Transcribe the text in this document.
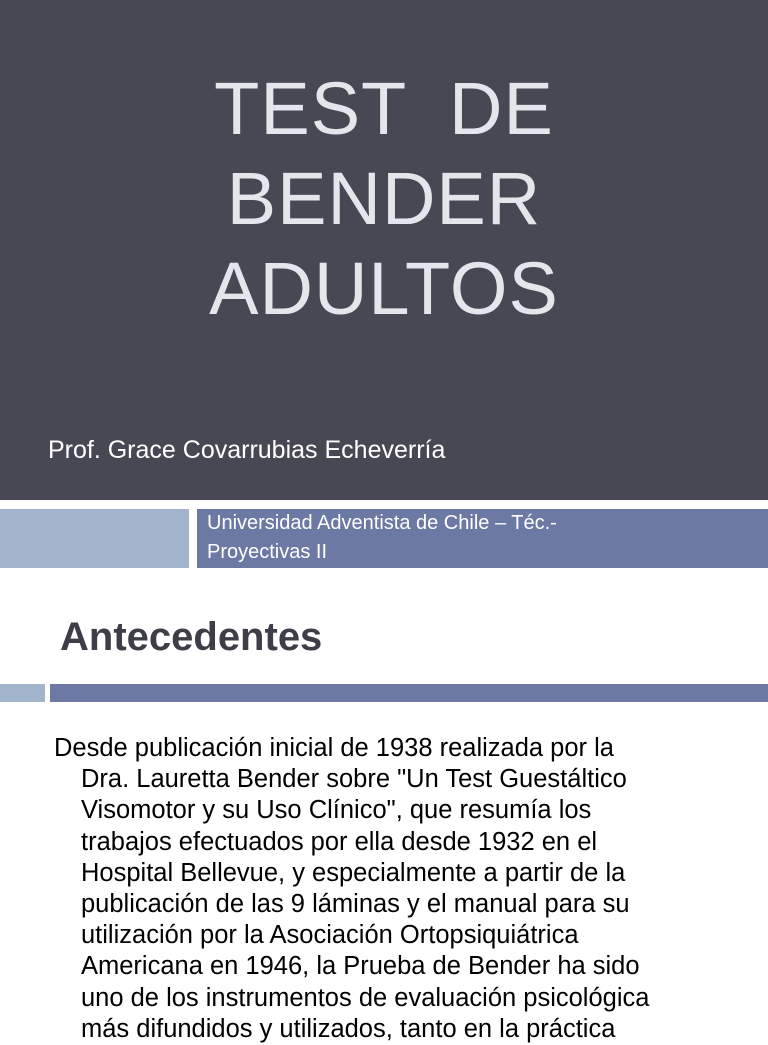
TEST  DE
BENDER
ADULTOS
Prof. Grace Covarrubias Echeverría
Universidad Adventista de Chile – Téc.-
Proyectivas II
Antecedentes
Desde publicación inicial de 1938 realizada por la
Dra. Lauretta Bender sobre "Un Test Guestáltico
Visomotor y su Uso Clínico", que resumía los
trabajos efectuados por ella desde 1932 en el
Hospital Bellevue, y especialmente a partir de la
publicación de las 9 láminas y el manual para su
utilización por la Asociación Ortopsiquiátrica
Americana en 1946, la Prueba de Bender ha sido
uno de los instrumentos de evaluación psicológica
más difundidos y utilizados, tanto en la práctica
